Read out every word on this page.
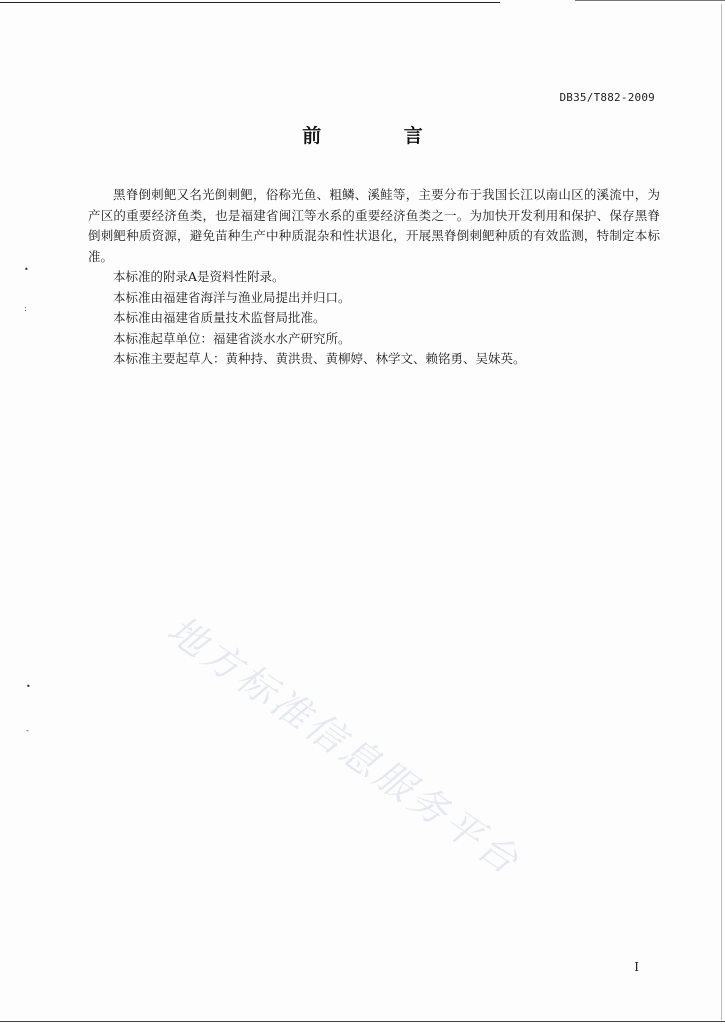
DB35/T882-2009
前 言

黑脊倒刺鲃又名光倒刺鲃，俗称光鱼、粗鳞、溪鲑等，主要分布于我国长江以南山区的溪流中，为产区的重要经济鱼类，也是福建省闽江等水系的重要经济鱼类之一。为加快开发利用和保护、保存黑脊倒刺鲃种质资源，避免苗种生产中种质混杂和性状退化，开展黑脊倒刺鲃种质的有效监测，特制定本标准。

本标准的附录A是资料性附录。

本标准由福建省海洋与渔业局提出并归口。

本标准由福建省质量技术监督局批准。

本标准起草单位：福建省淡水水产研究所。

本标准主要起草人：黄种持、黄洪贵、黄柳婷、林学文、赖铭勇、吴妹英。

•
:
•
-	地方标准信息服务平台
I
